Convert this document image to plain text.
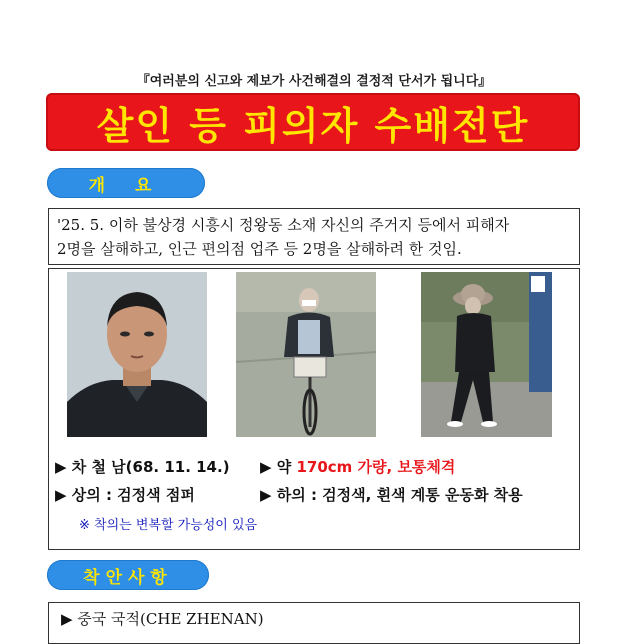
『여러분의 신고와 제보가 사건해결의 결정적 단서가 됩니다』
살인 등 피의자 수배전단
개 요
'25. 5. 이하 불상경 시흥시 정왕동 소재 자신의 주거지 등에서 피해자
2명을 살해하고, 인근 편의점 업주 등 2명을 살해하려 한 것임.
▶ 차 철 남(68. 11. 14.) ▶ 약 170cm 가량, 보통체격
▶ 상의 : 검정색 점퍼	▶ 하의 : 검정색, 흰색 계통 운동화 착용
※ 착의는 변복할 가능성이 있음
착안사항
▶ 중국 국적(CHE ZHENAN)
